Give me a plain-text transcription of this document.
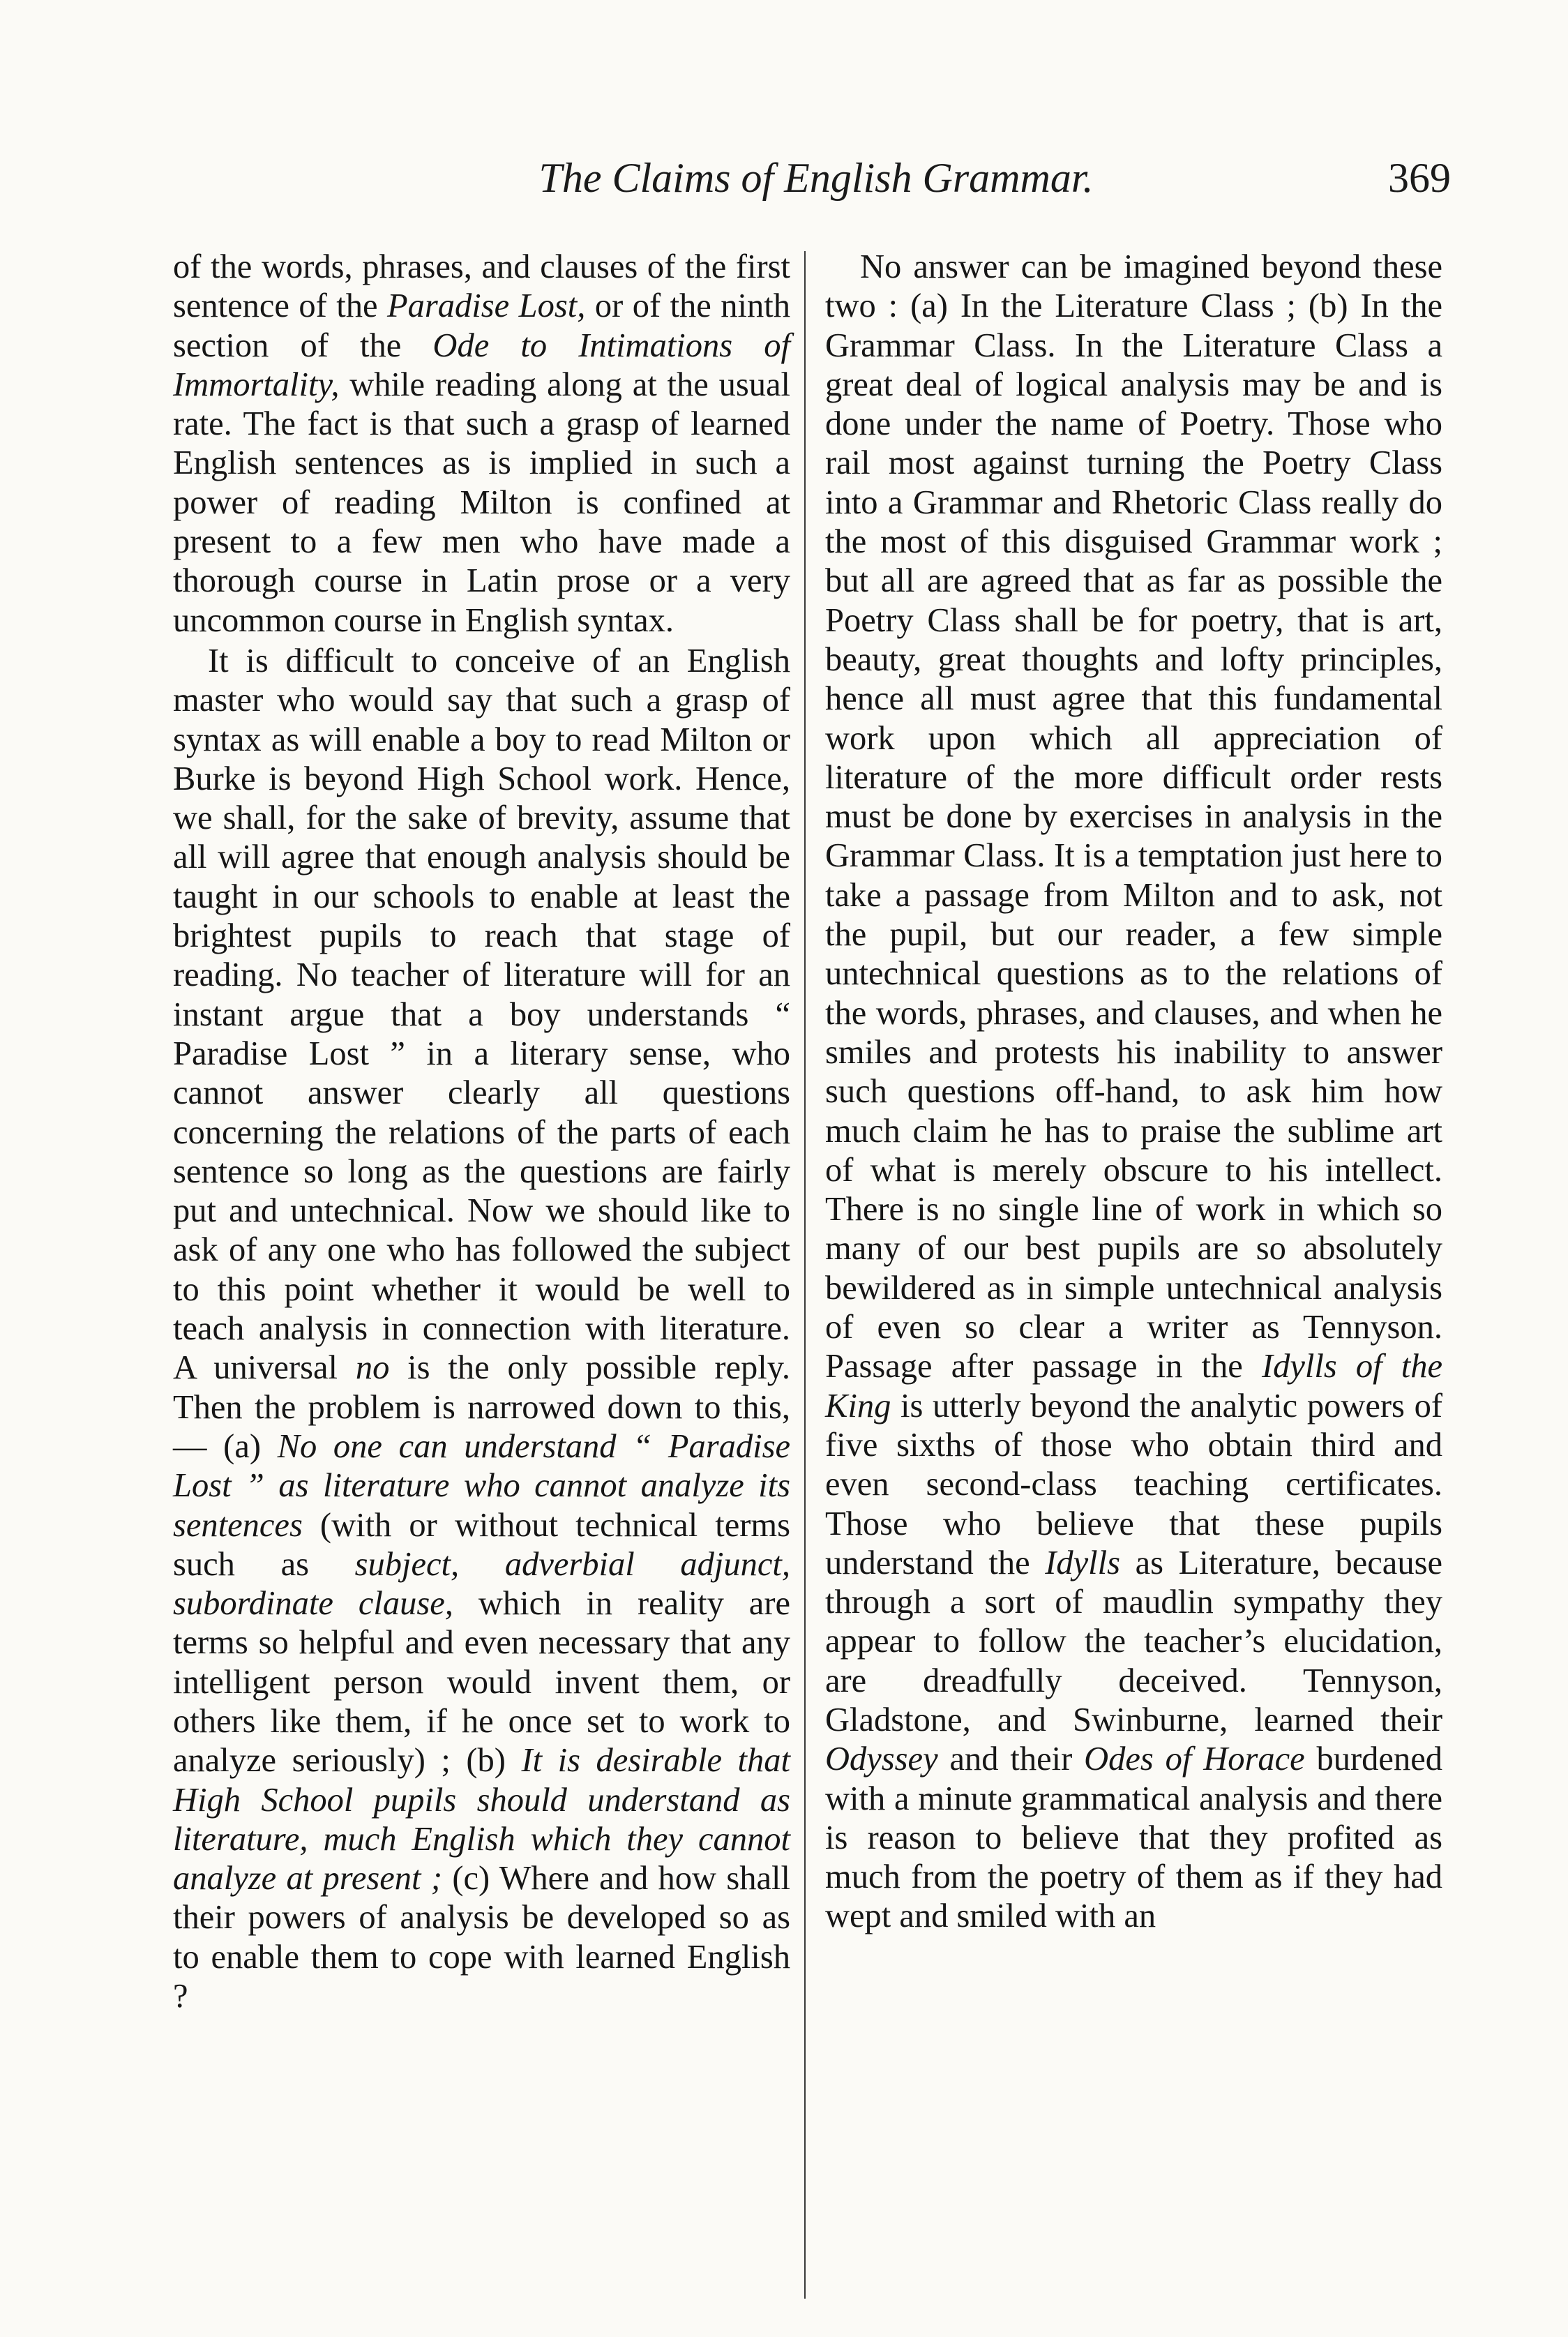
The Claims of English Grammar.	369

of the words, phrases, and clauses of the first sentence of the Paradise Lost, or of the ninth section of the Ode to Intimations of Immortality, while reading along at the usual rate. The fact is that such a grasp of learned English sentences as is implied in such a power of reading Milton is confined at present to a few men who have made a thorough course in Latin prose or a very uncommon course in English syntax.

It is difficult to conceive of an English master who would say that such a grasp of syntax as will enable a boy to read Milton or Burke is beyond High School work. Hence, we shall, for the sake of brevity, assume that all will agree that enough analysis should be taught in our schools to enable at least the brightest pupils to reach that stage of reading. No teacher of literature will for an instant argue that a boy understands “ Paradise Lost ” in a literary sense, who cannot answer clearly all questions concerning the relations of the parts of each sentence so long as the questions are fairly put and untechnical. Now we should like to ask of any one who has followed the subject to this point whether it would be well to teach analysis in connection with literature. A universal no is the only possible reply. Then the problem is narrowed down to this, — (a) No one can understand “ Paradise Lost ” as literature who cannot analyze its sentences (with or without technical terms such as subject, adverbial adjunct, subordinate clause, which in reality are terms so helpful and even necessary that any intelligent person would invent them, or others like them, if he once set to work to analyze seriously) ; (b) It is desirable that High School pupils should understand as literature, much English which they cannot analyze at present ; (c) Where and how shall their powers of analysis be developed so as to enable them to cope with learned English ?

No answer can be imagined beyond these two : (a) In the Literature Class ; (b) In the Grammar Class. In the Literature Class a great deal of logical analysis may be and is done under the name of Poetry. Those who rail most against turning the Poetry Class into a Grammar and Rhetoric Class really do the most of this disguised Grammar work ; but all are agreed that as far as possible the Poetry Class shall be for poetry, that is art, beauty, great thoughts and lofty principles, hence all must agree that this fundamental work upon which all appreciation of literature of the more difficult order rests must be done by exercises in analysis in the Grammar Class. It is a temptation just here to take a passage from Milton and to ask, not the pupil, but our reader, a few simple untechnical questions as to the relations of the words, phrases, and clauses, and when he smiles and protests his inability to answer such questions off-hand, to ask him how much claim he has to praise the sublime art of what is merely obscure to his intellect. There is no single line of work in which so many of our best pupils are so absolutely bewildered as in simple untechnical analysis of even so clear a writer as Tennyson. Passage after passage in the Idylls of the King is utterly beyond the analytic powers of five sixths of those who obtain third and even second-class teaching certificates. Those who believe that these pupils understand the Idylls as Literature, because through a sort of maudlin sympathy they appear to follow the teacher’s elucidation, are dreadfully deceived. Tennyson, Gladstone, and Swinburne, learned their Odyssey and their Odes of Horace burdened with a minute grammatical analysis and there is reason to believe that they profited as much from the poetry of them as if they had wept and smiled with an
